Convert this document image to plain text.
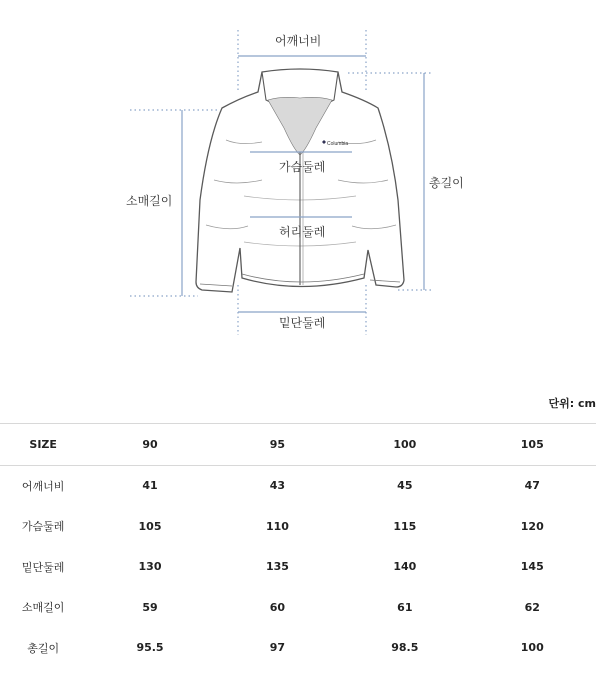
Columbia
어깨너비
가슴둘레
허리둘레
밑단둘레
소매길이
총길이
단위: cm
SIZE	90	95	100	105
어깨너비	41	43	45	47
가슴둘레	105	110	115	120
밑단둘레	130	135	140	145
소매길이	59	60	61	62
총길이	95.5	97	98.5	100
